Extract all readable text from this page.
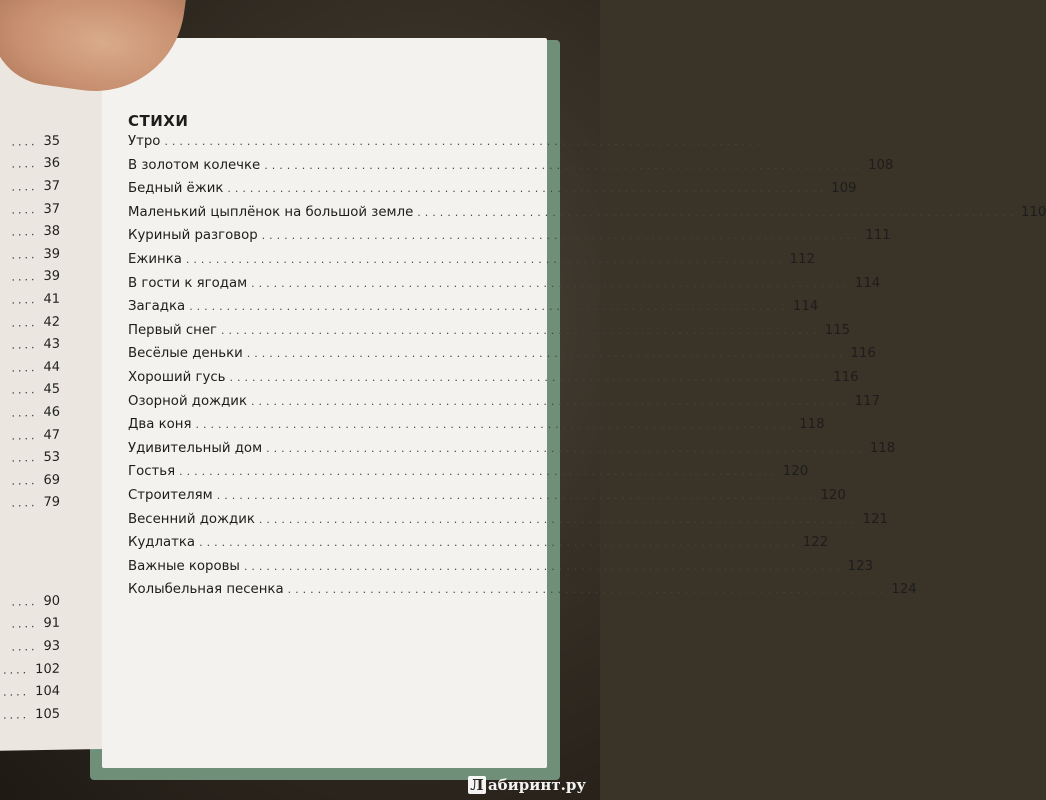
.... 35
.... 36
.... 37
.... 37
.... 38
.... 39
.... 39
.... 41
.... 42
.... 43
.... 44
.... 45
.... 46
.... 47
.... 53
.... 69
.... 79
.... 90
.... 91
.... 93
.... 102
.... 104
.... 105
СТИХИ
Утро ................................................................................
В золотом колечке ................................................................................ 108
Бедный ёжик ................................................................................ 109
Маленький цыплёнок на большой земле ................................................................................ 110
Куриный разговор ................................................................................ 111
Ежинка ................................................................................ 112
В гости к ягодам ................................................................................ 114
Загадка ................................................................................ 114
Первый снег ................................................................................ 115
Весёлые деньки ................................................................................ 116
Хороший гусь ................................................................................ 116
Озорной дождик ................................................................................ 117
Два коня ................................................................................ 118
Удивительный дом ................................................................................ 118
Гостья ................................................................................ 120
Строителям ................................................................................ 120
Весенний дождик ................................................................................ 121
Кудлатка ................................................................................ 122
Важные коровы ................................................................................ 123
Колыбельная песенка ................................................................................ 124
Л абиринт.ру
